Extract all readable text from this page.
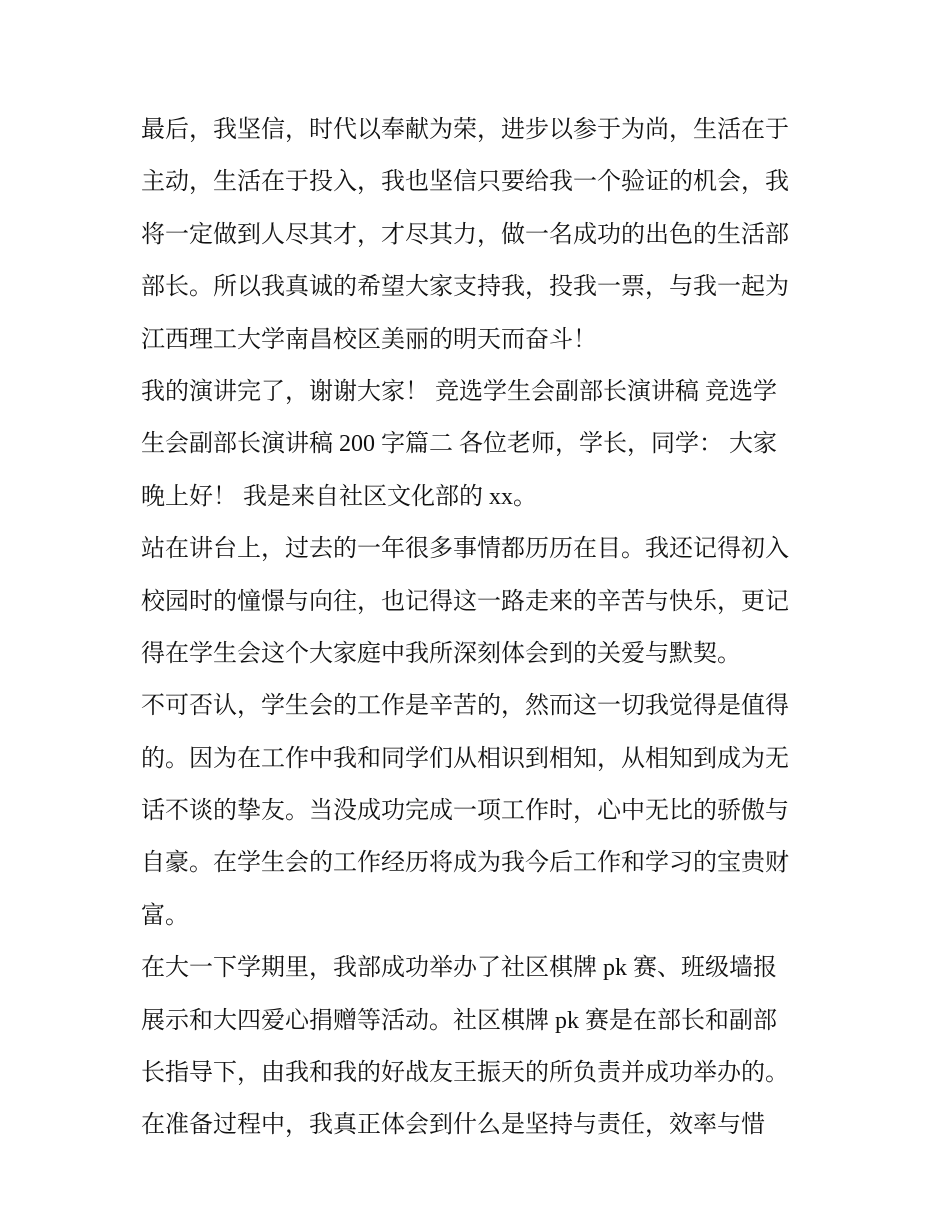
最后，我坚信，时代以奉献为荣，进步以参于为尚，生活在于
主动，生活在于投入，我也坚信只要给我一个验证的机会，我
将一定做到人尽其才，才尽其力，做一名成功的出色的生活部
部长。所以我真诚的希望大家支持我，投我一票，与我一起为
江西理工大学南昌校区美丽的明天而奋斗！
我的演讲完了，谢谢大家！ 竞选学生会副部长演讲稿 竞选学
生会副部长演讲稿 200 字篇二 各位老师，学长，同学： 大家
晚上好！ 我是来自社区文化部的 xx。
站在讲台上，过去的一年很多事情都历历在目。我还记得初入
校园时的憧憬与向往，也记得这一路走来的辛苦与快乐，更记
得在学生会这个大家庭中我所深刻体会到的关爱与默契。
不可否认，学生会的工作是辛苦的，然而这一切我觉得是值得
的。因为在工作中我和同学们从相识到相知，从相知到成为无
话不谈的挚友。当没成功完成一项工作时，心中无比的骄傲与
自豪。在学生会的工作经历将成为我今后工作和学习的宝贵财
富。
在大一下学期里，我部成功举办了社区棋牌 pk 赛、班级墙报
展示和大四爱心捐赠等活动。社区棋牌 pk 赛是在部长和副部
长指导下，由我和我的好战友王振天的所负责并成功举办的。
在准备过程中，我真正体会到什么是坚持与责任，效率与惜
